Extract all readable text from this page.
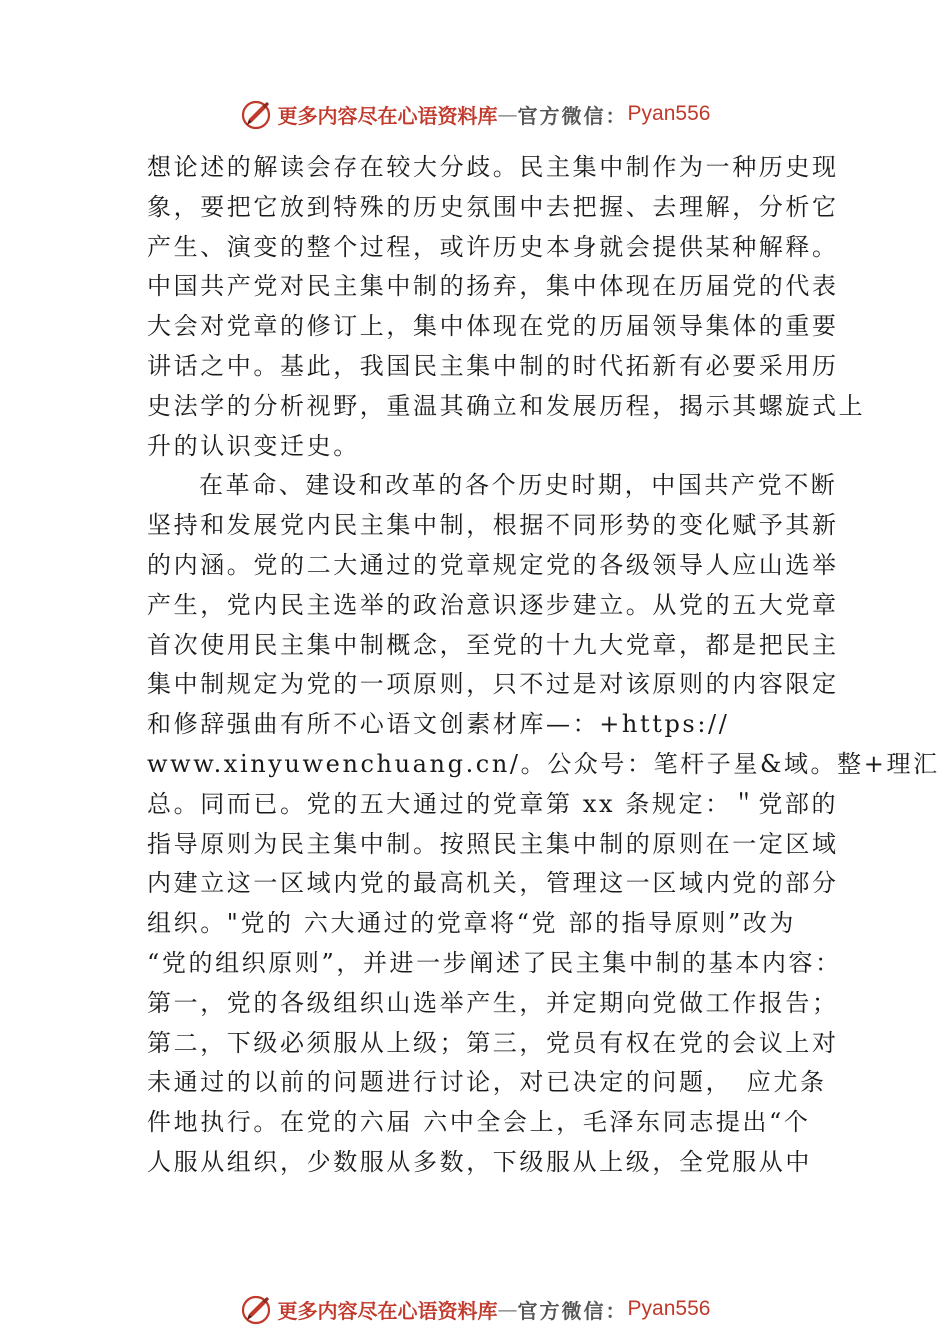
更多内容尽在心语资料库 — 官方微信： Pyan556
想论述的解读会存在较大分歧。民主集中制作为一种历史现
象，要把它放到特殊的历史氛围中去把握、去理解，分析它
产生、演变的整个过程，或许历史本身就会提供某种解释。
中国共产党对民主集中制的扬弃，集中体现在历届党的代表
大会对党章的修订上，集中体现在党的历届领导集体的重要
讲话之中。基此，我国民主集中制的时代拓新有必要采用历
史法学的分析视野，重温其确立和发展历程，揭示其螺旋式上
升的认识变迁史。
在革命、建设和改革的各个历史时期，中国共产党不断
坚持和发展党内民主集中制，根据不同形势的变化赋予其新
的内涵。党的二大通过的党章规定党的各级领导人应山选举
产生，党内民主选举的政治意识逐步建立。从党的五大党章
首次使用民主集中制概念，至党的十九大党章，都是把民主
集中制规定为党的一项原则，只不过是对该原则的内容限定
和修辞强曲有所不心语文创素材库—：+https://
www.xinyuwenchuang.cn/。公众号：笔杆子星&域。整+理汇
总。同而已。党的五大通过的党章第 xx 条规定：＂党部的
指导原则为民主集中制。按照民主集中制的原则在一定区域
内建立这一区域内党的最高机关，管理这一区域内党的部分
组织。"党的 六大通过的党章将“党 部的指导原则”改为
“党的组织原则”，并进一步阐述了民主集中制的基本内容：
第一，党的各级组织山选举产生，并定期向党做工作报告；
第二，下级必须服从上级；第三，党员有权在党的会议上对
未通过的以前的问题进行讨论，对已决定的问题，　应尤条
件地执行。在党的六届 六中全会上，毛泽东同志提出“个
人服从组织，少数服从多数，下级服从上级，全党服从中
更多内容尽在心语资料库 — 官方微信： Pyan556
